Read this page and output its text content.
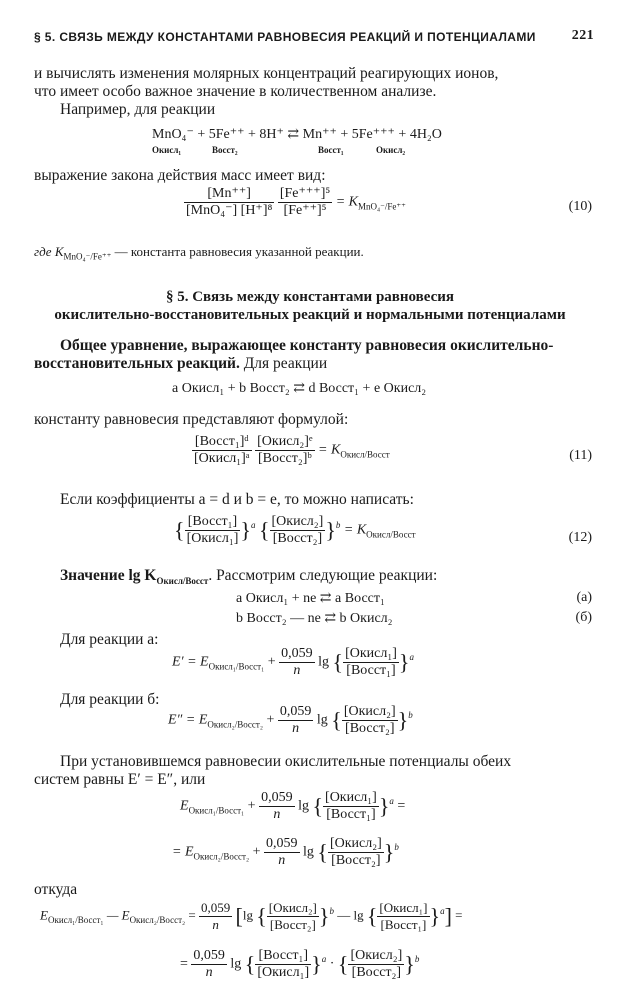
§ 5. СВЯЗЬ МЕЖДУ КОНСТАНТАМИ РАВНОВЕСИЯ РЕАКЦИЙ И ПОТЕНЦИАЛАМИ	221
и вычислять изменения молярных концентраций реагирующих ионов,
что имеет особо важное значение в количественном анализе.
Например, для реакции
MnO₄⁻ + 5Fe⁺⁺ + 8H⁺ ⇄ Mn⁺⁺ + 5Fe⁺⁺⁺ + 4H₂O
Окисл₁	Восст₂	Восст₁	Окисл₂
выражение закона действия масс имеет вид:
$\frac{[Mn^{++}]}{\text{[MnO₄⁻] [H⁺]⁸}}$
$\frac{\text{[Fe⁺⁺⁺]⁵}}{\text{[Fe⁺⁺]⁵}} = K_{MnO_4^-/Fe^{++}}$	(10)
где $K_{MnO_4^-/Fe^{++}}$ — константа равновесия указанной реакции.
§ 5. Связь между константами равновесия
окислительно-восстановительных реакций и нормальными потенциалами
Общее уравнение, выражающее константу равновесия окислительно-
восстановительных реакций. Для реакции
a Окисл₁ + b Восст₂ ⇄ d Восст₁ + e Окисл₂
константу равновесия представляют формулой:
$\frac{\text{[Восст₁]ᵈ}}{\text{[Окисл₁]ᵃ}}$
$\frac{\text{[Окисл₂]ᵉ}}{\text{[Восст₂]ᵇ}} = K_{Окисл/Восст}$	(11)
Если коэффициенты a = d и b = e, то можно написать:
{ $\frac{\text{[Восст₁]}}{\text{[Окисл₁]}} \}^a$ { $\frac{\text{[Окисл₂]}}{\text{[Восст₂]}} \}^b = K_{Окисл/Восст}$	(12)
Значение $\lg K_{Окисл/Восст}$. Рассмотрим следующие реакции:
a Окисл₁ + ne ⇄ a Восст₁	(a)
b Восст₂ — ne ⇄ b Окисл₂	(б)
Для реакции а:
$E' = E_{Окисл_1/Восст_1} + \frac{0,059}{n}$ lg { $\frac{\text{[Окисл₁]}}{\text{[Восст₁]}} \}^a$
Для реакции б:
$E'' = E_{Окисл_2/Восст_2} + \frac{0,059}{n}$ lg { $\frac{\text{[Окисл₂]}}{\text{[Восст₂]}} \}^b$
При установившемся равновесии окислительные потенциалы обеих
систем равны E′ = E″, или
$E_{Окисл_1/Восст_1} + \frac{0,059}{n}$ lg { $\frac{\text{[Окисл₁]}}{\text{[Восст₁]}} \}^a$ =
= $E_{Окисл_2/Восст_2} + \frac{0,059}{n}$ lg { $\frac{\text{[Окисл₂]}}{\text{[Восст₂]}} \}^b$
откуда
$E_{Окисл_1/Восст_1}$ — $E_{Окисл_2/Восст_2} = \frac{0,059}{n} [\lg$ { $\frac{\text{[Окисл₂]}}{\text{[Восст₂]}} \}^b$ — lg { $\frac{\text{[Окисл₁]}}{\text{[Восст₁]}} \}^a$] =
= $\frac{0,059}{n}$ lg { $\frac{\text{[Восст₁]}}{\text{[Окисл₁]}} \}^a$ · { $\frac{\text{[Окисл₂]}}{\text{[Восст₂]}} \}^b$
